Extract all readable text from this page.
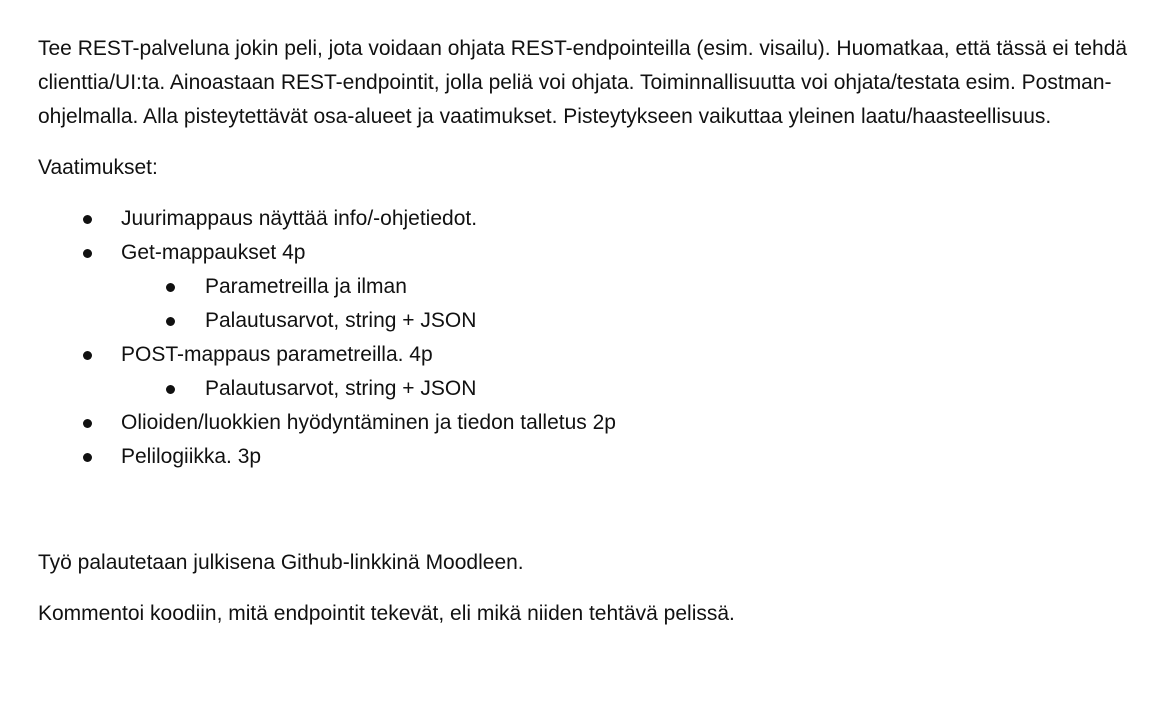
Tee REST-palveluna jokin peli, jota voidaan ohjata REST-endpointeilla (esim. visailu). Huomatkaa, että tässä ei tehdä clienttia/UI:ta. Ainoastaan REST-endpointit, jolla peliä voi ohjata. Toiminnallisuutta voi ohjata/testata esim. Postman-ohjelmalla. Alla pisteytettävät osa-alueet ja vaatimukset. Pisteytykseen vaikuttaa yleinen laatu/haasteellisuus.

Vaatimukset:

Juurimappaus näyttää info/-ohjetiedot.
Get-mappaukset 4p
Parametreilla ja ilman
Palautusarvot, string + JSON
POST-mappaus parametreilla. 4p
Palautusarvot, string + JSON
Olioiden/luokkien hyödyntäminen ja tiedon talletus 2p
Pelilogiikka. 3p

Työ palautetaan julkisena Github-linkkinä Moodleen.

Kommentoi koodiin, mitä endpointit tekevät, eli mikä niiden tehtävä pelissä.
